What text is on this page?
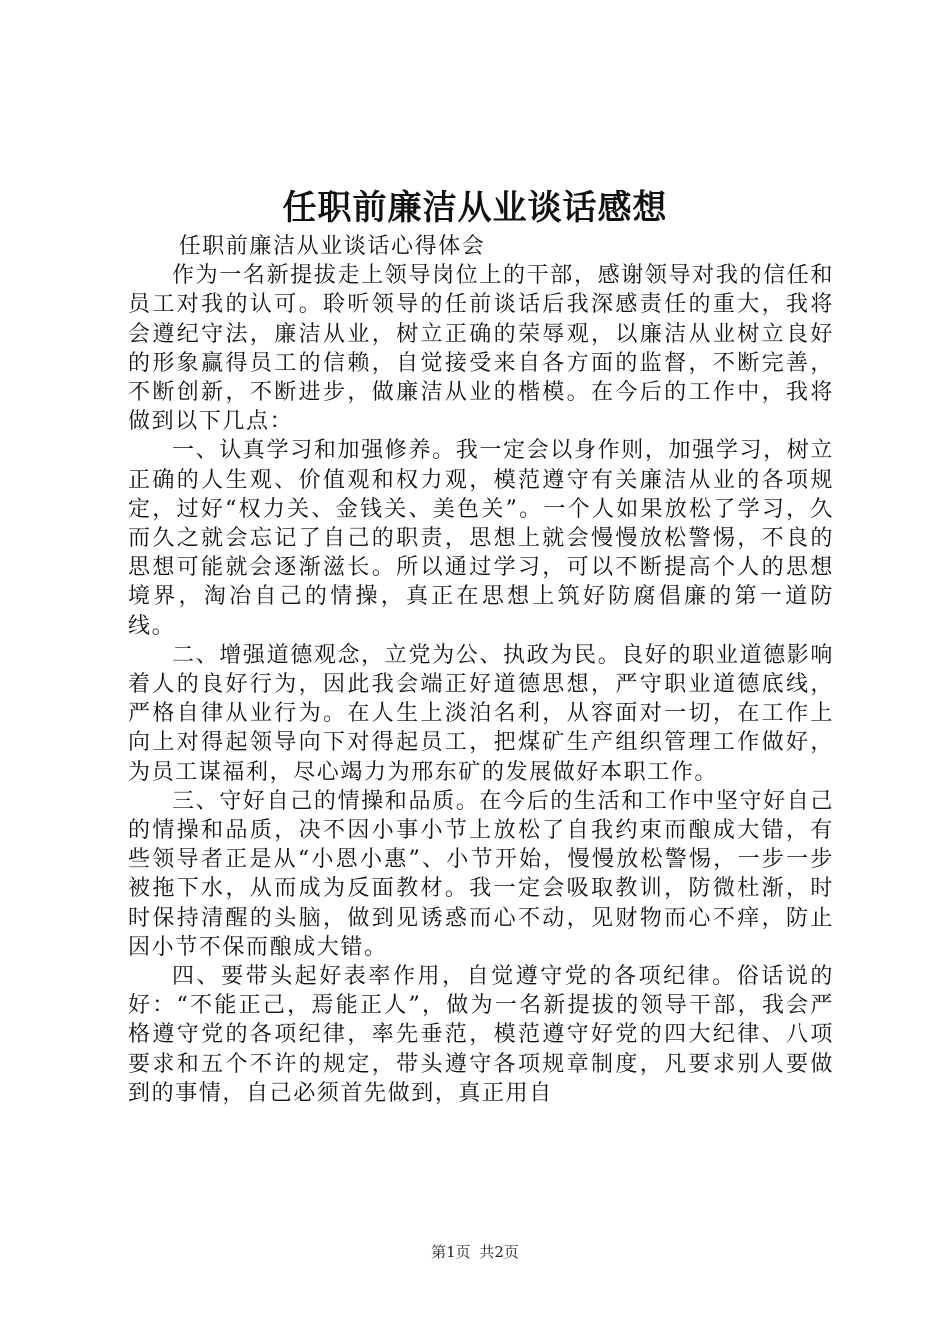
任职前廉洁从业谈话感想
任职前廉洁从业谈话心得体会

作为一名新提拔走上领导岗位上的干部，感谢领导对我的信任和员工对我的认可。聆听领导的任前谈话后我深感责任的重大，我将会遵纪守法，廉洁从业，树立正确的荣辱观，以廉洁从业树立良好的形象赢得员工的信赖，自觉接受来自各方面的监督，不断完善，不断创新，不断进步，做廉洁从业的楷模。在今后的工作中，我将做到以下几点：

一、认真学习和加强修养。我一定会以身作则，加强学习，树立正确的人生观、价值观和权力观，模范遵守有关廉洁从业的各项规定，过好“权力关、金钱关、美色关”。一个人如果放松了学习，久而久之就会忘记了自己的职责，思想上就会慢慢放松警惕，不良的思想可能就会逐渐滋长。所以通过学习，可以不断提高个人的思想境界，淘冶自己的情操，真正在思想上筑好防腐倡廉的第一道防线。

二、增强道德观念，立党为公、执政为民。良好的职业道德影响着人的良好行为，因此我会端正好道德思想，严守职业道德底线，严格自律从业行为。在人生上淡泊名利，从容面对一切，在工作上向上对得起领导向下对得起员工，把煤矿生产组织管理工作做好，为员工谋福利，尽心竭力为邢东矿的发展做好本职工作。

三、守好自己的情操和品质。在今后的生活和工作中坚守好自己的情操和品质，决不因小事小节上放松了自我约束而酿成大错，有些领导者正是从“小恩小惠”、小节开始，慢慢放松警惕，一步一步被拖下水，从而成为反面教材。我一定会吸取教训，防微杜渐，时时保持清醒的头脑，做到见诱惑而心不动，见财物而心不痒，防止因小节不保而酿成大错。

四、要带头起好表率作用，自觉遵守党的各项纪律。俗话说的好：“不能正己，焉能正人”，做为一名新提拔的领导干部，我会严格遵守党的各项纪律，率先垂范，模范遵守好党的四大纪律、八项要求和五个不许的规定，带头遵守各项规章制度，凡要求别人要做到的事情，自己必须首先做到，真正用自

第1页 共2页
